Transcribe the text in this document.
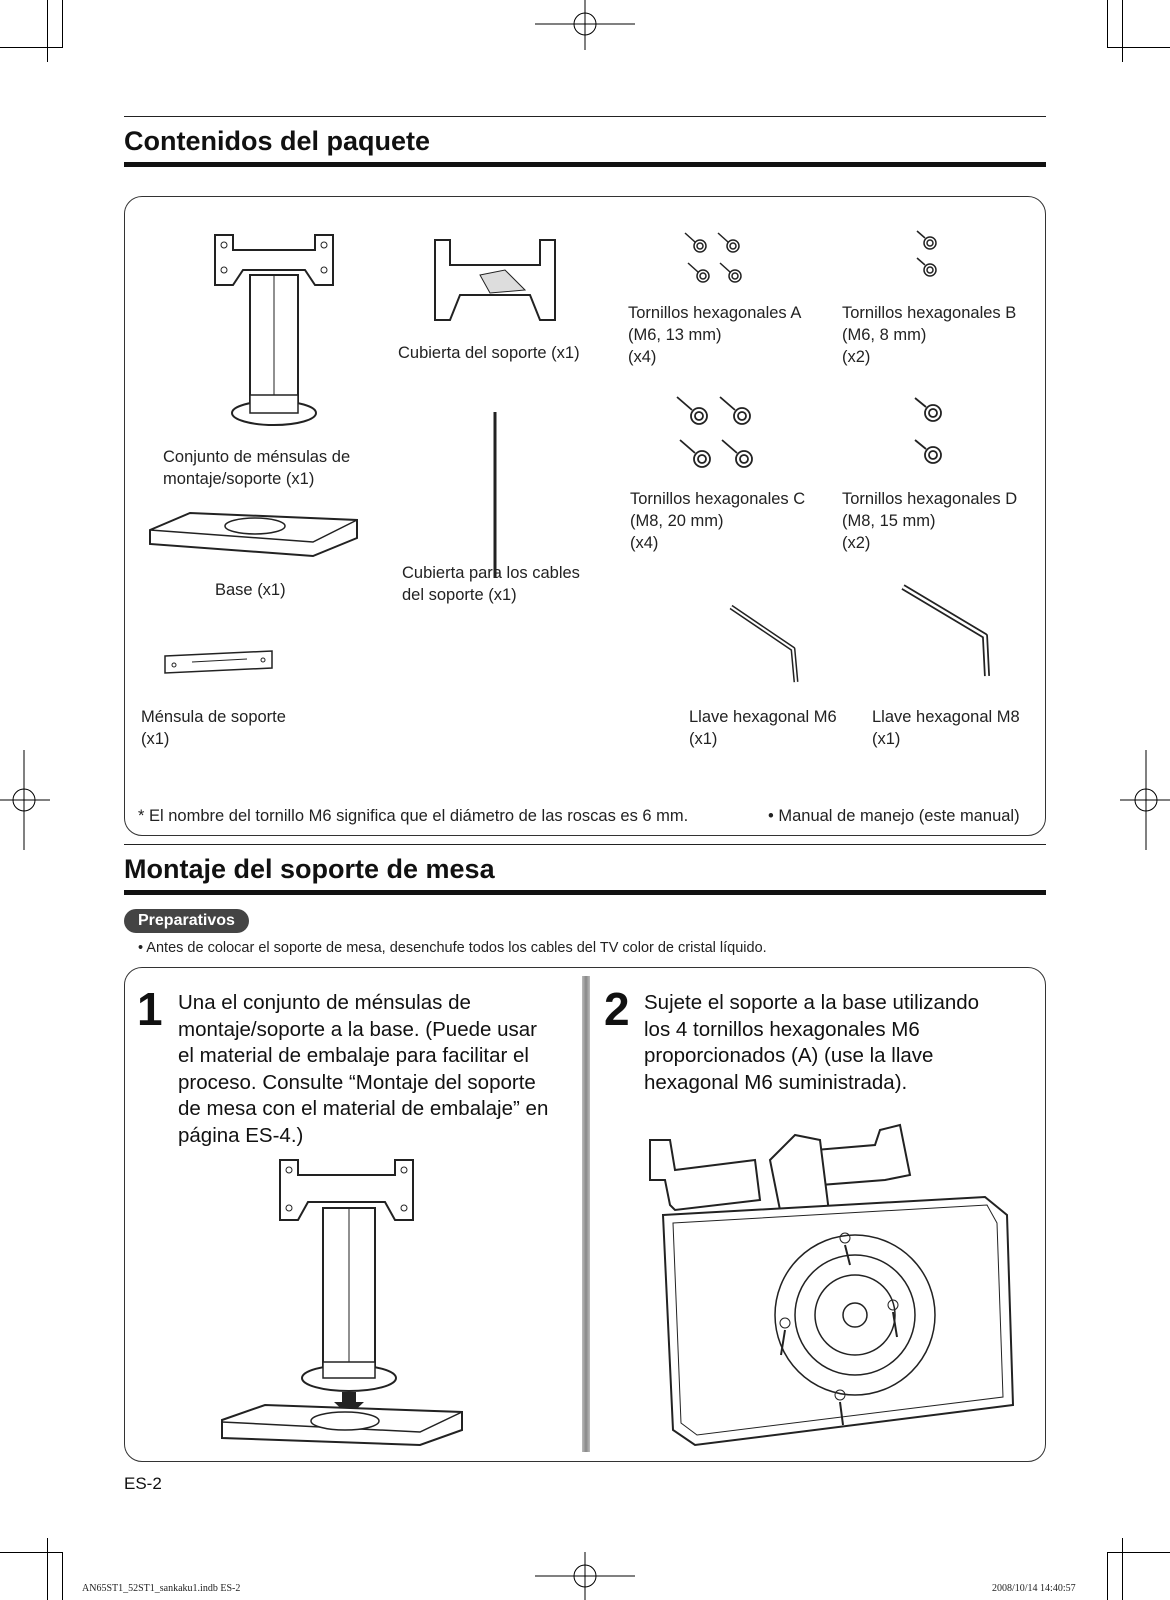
Contenidos del paquete
Conjunto de ménsulas de
montaje/soporte (x1)
Cubierta del soporte (x1)
Tornillos hexagonales A
(M6, 13 mm)
(x4)
Tornillos hexagonales B
(M6, 8 mm)
(x2)
Cubierta para los cables
del soporte (x1)
Tornillos hexagonales C
(M8, 20 mm)
(x4)
Tornillos hexagonales D
(M8, 15 mm)
(x2)
Base (x1)
Ménsula de soporte
(x1)
Llave hexagonal M6
(x1)
Llave hexagonal M8
(x1)
* El nombre del tornillo M6 significa que el diámetro de las roscas es 6 mm.	• Manual de manejo (este manual)
Montaje del soporte de mesa
Preparativos
• Antes de colocar el soporte de mesa, desenchufe todos los cables del TV color de cristal líquido.
1 Una el conjunto de ménsulas de
montaje/soporte a la base. (Puede usar
el material de embalaje para facilitar el
proceso. Consulte “Montaje del soporte
de mesa con el material de embalaje” en
página ES-4.)
2 Sujete el soporte a la base utilizando
los 4 tornillos hexagonales M6
proporcionados (A) (use la llave
hexagonal M6 suministrada).
ES-2
AN65ST1_52ST1_sankaku1.indb ES-2	2008/10/14 14:40:57
